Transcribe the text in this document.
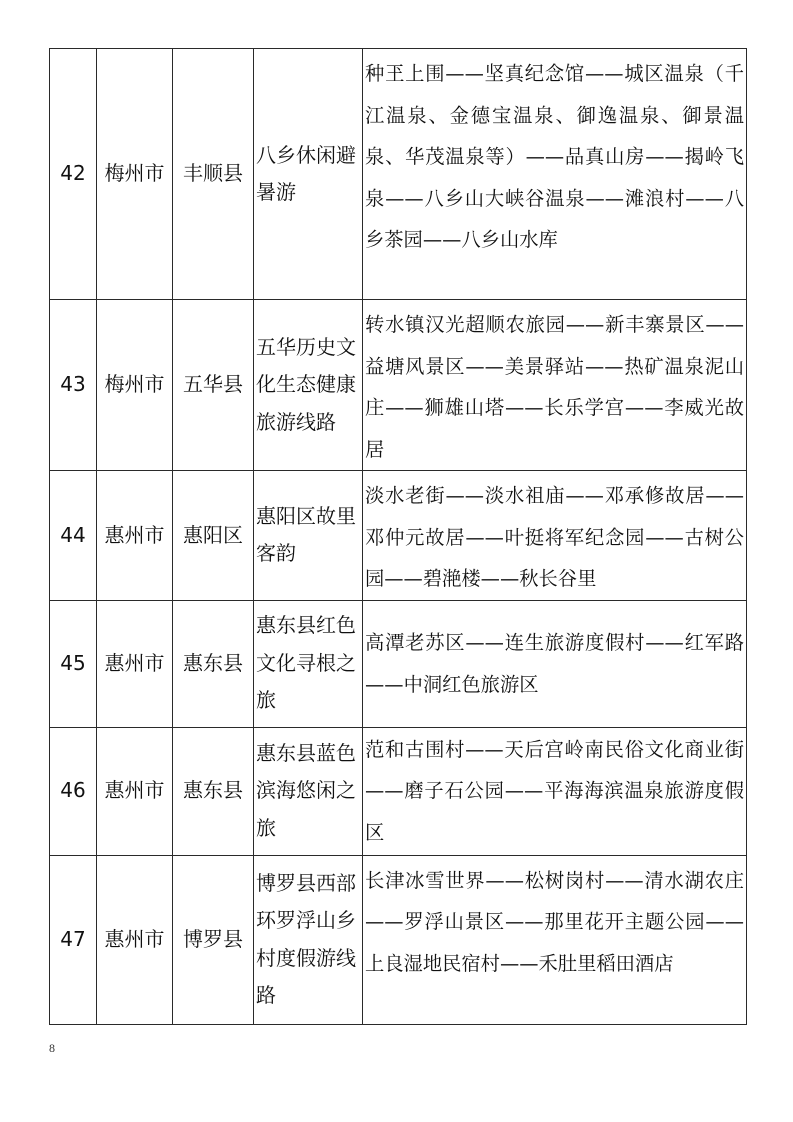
42	梅州市	丰顺县	八乡休闲避暑游	种玊上围——坚真纪念馆——城区温泉（千江温泉、金德宝温泉、御逸温泉、御景温泉、华茂温泉等）——品真山房——揭岭飞泉——八乡山大峡谷温泉——滩浪村——八乡茶园——八乡山水库
43	梅州市	五华县	五华历史文化生态健康旅游线路	转水镇汉光超顺农旅园——新丰寨景区——益塘风景区——美景驿站——热矿温泉泥山庄——狮雄山塔——长乐学宫——李威光故居
44	惠州市	惠阳区	惠阳区故里客韵	淡水老街——淡水祖庙——邓承修故居——邓仲元故居——叶挺将军纪念园——古树公园——碧滟楼——秋长谷里
45	惠州市	惠东县	惠东县红色文化寻根之旅	高潭老苏区——连生旅游度假村——红军路——中洞红色旅游区
46	惠州市	惠东县	惠东县蓝色滨海悠闲之旅	范和古围村——天后宫岭南民俗文化商业街——磨子石公园——平海海滨温泉旅游度假区
47	惠州市	博罗县	博罗县西部环罗浮山乡村度假游线路	长津冰雪世界——松树岗村——清水湖农庄——罗浮山景区——那里花开主题公园——上良湿地民宿村——禾肚里稻田酒店
8
